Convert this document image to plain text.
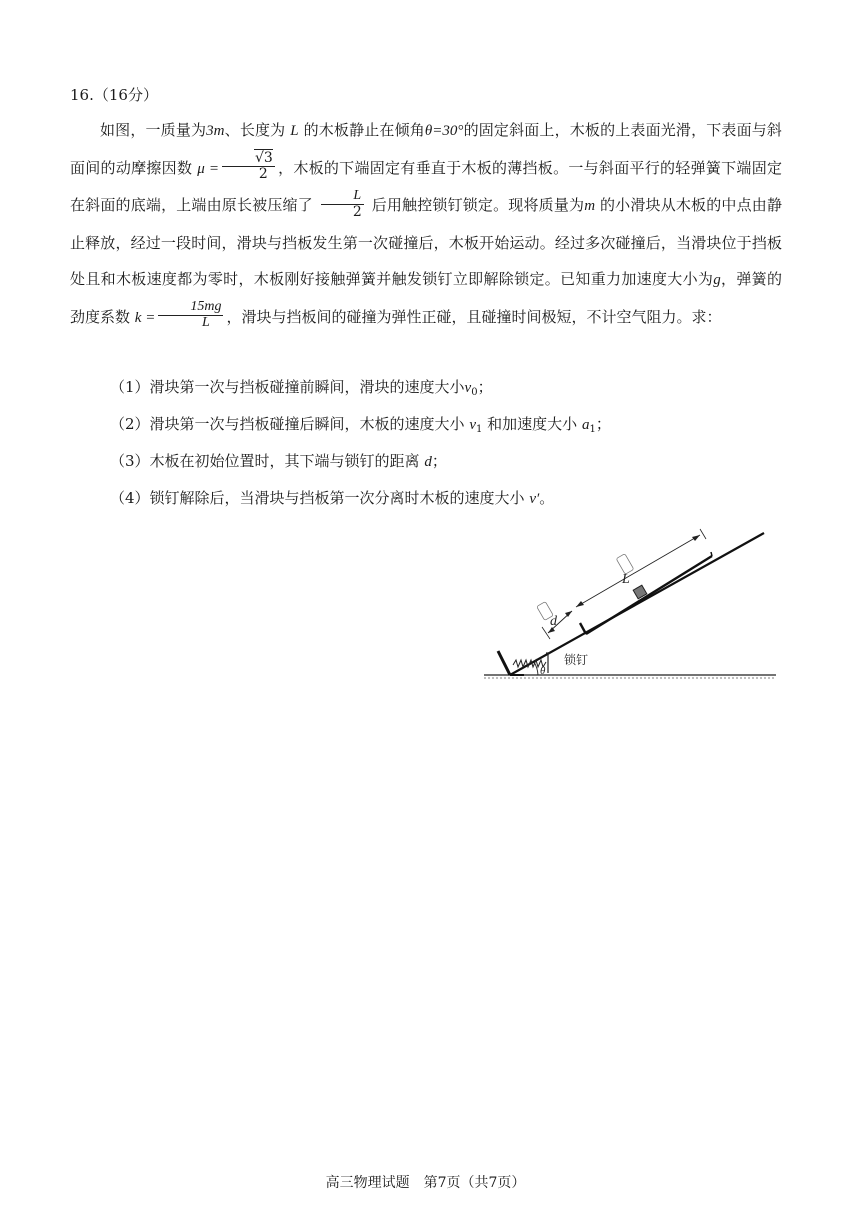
16.（16分）

如图，一质量为3m、长度为 L 的木板静止在倾角θ=30°的固定斜面上，木板的上表面光滑，下表面与斜面间的动摩擦因数 $\mu = \frac{√3}{2}$ ，木板的下端固定有垂直于木板的薄挡板。一与斜面平行的轻弹簧下端固定在斜面的底端，上端由原长被压缩了 $\frac{L}{2}$ 后用触控锁钉锁定。现将质量为m 的小滑块从木板的中点由静止释放，经过一段时间，滑块与挡板发生第一次碰撞后，木板开始运动。经过多次碰撞后，当滑块位于挡板处且和木板速度都为零时，木板刚好接触弹簧并触发锁钉立即解除锁定。已知重力加速度大小为g，弹簧的劲度系数 $k = \frac{15mg}{L}$ ，滑块与挡板间的碰撞为弹性正碰，且碰撞时间极短，不计空气阻力。求：

（1）滑块第一次与挡板碰撞前瞬间，滑块的速度大小$v_0$；
（2）滑块第一次与挡板碰撞后瞬间，木板的速度大小 $v_1$ 和加速度大小 $a_1$；
（3）木板在初始位置时，其下端与锁钉的距离 d；
（4）锁钉解除后，当滑块与挡板第一次分离时木板的速度大小 v′。
锁钉
θ
L
d
高三物理试题　第7页（共7页）
